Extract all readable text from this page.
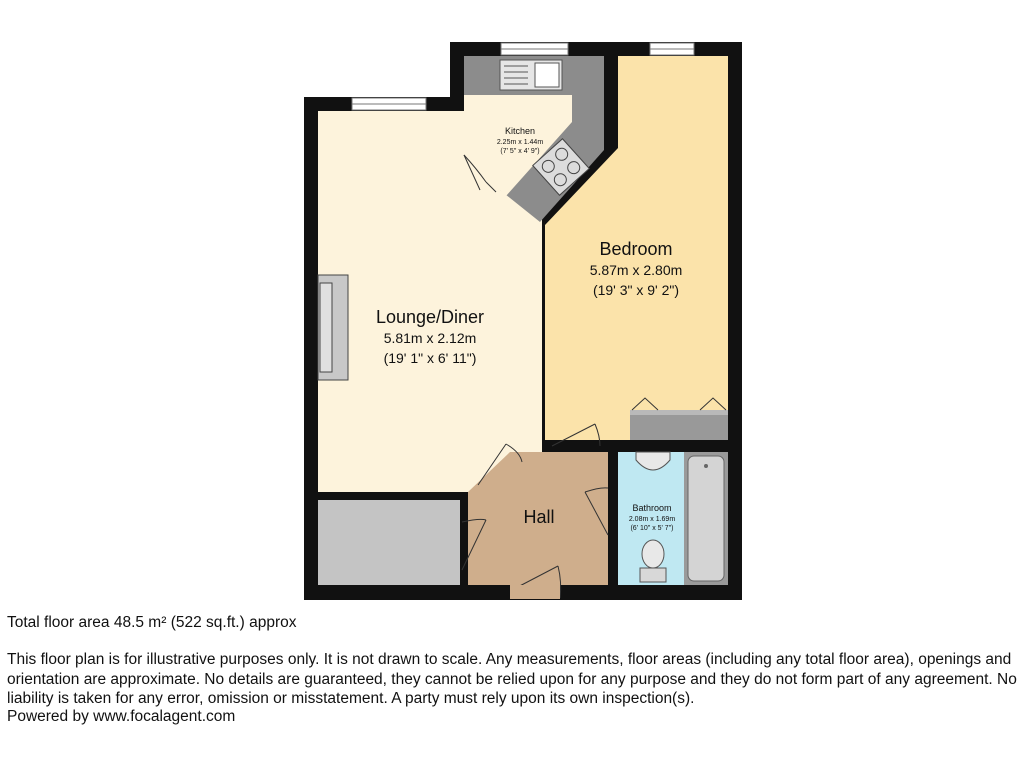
Lounge/Diner
5.81m x 2.12m
(19' 1" x 6' 11")
Bedroom
5.87m x 2.80m
(19' 3" x 9' 2")
Kitchen
2.25m x 1.44m
(7' 5" x 4' 9")
Bathroom
2.08m x 1.69m
(6' 10" x 5' 7")
Hall

Total floor area 48.5 m² (522 sq.ft.) approx

This floor plan is for illustrative purposes only. It is not drawn to scale. Any measurements, floor areas (including any total floor area), openings and orientation are approximate. No details are guaranteed, they cannot be relied upon for any purpose and they do not form part of any agreement. No liability is taken for any error, omission or misstatement. A party must rely upon its own inspection(s).

Powered by www.focalagent.com
